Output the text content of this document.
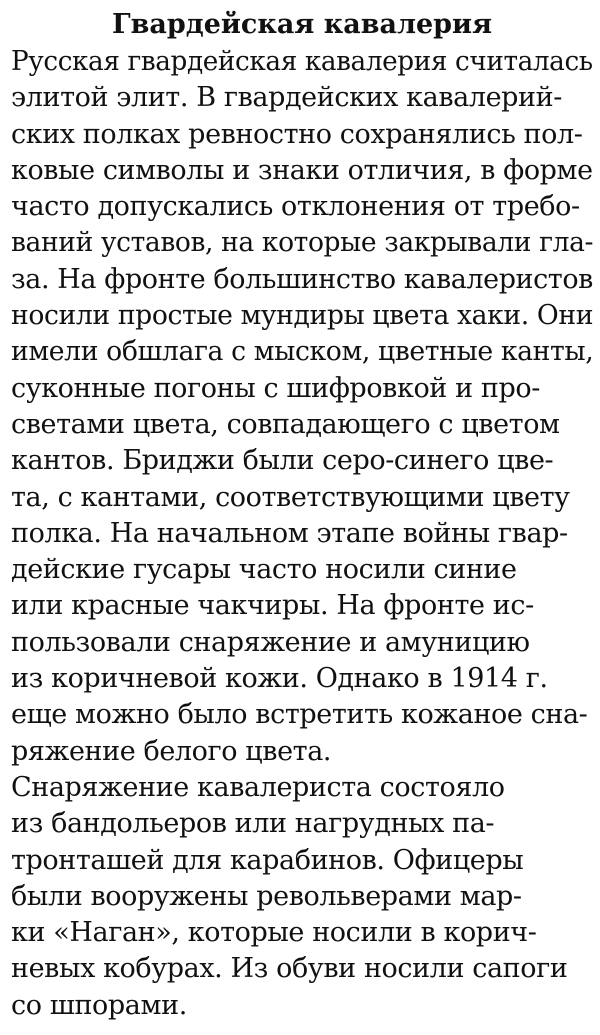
Гвардейская кавалерия
Русская гвардейская кавалерия считалась
элитой элит. В гвардейских кавалерий-
ских полках ревностно сохранялись пол-
ковые символы и знаки отличия, в форме
часто допускались отклонения от требо-
ваний уставов, на которые закрывали гла-
за. На фронте большинство кавалеристов
носили простые мундиры цвета хаки. Они
имели обшлага с мыском, цветные канты,
суконные погоны с шифровкой и про-
светами цвета, совпадающего с цветом
кантов. Бриджи были серо-синего цве-
та, с кантами, соответствующими цвету
полка. На начальном этапе войны гвар-
дейские гусары часто носили синие
или красные чакчиры. На фронте ис-
пользовали снаряжение и амуницию
из коричневой кожи. Однако в 1914 г.
еще можно было встретить кожаное сна-
ряжение белого цвета.
Снаряжение кавалериста состояло
из бандольеров или нагрудных па-
тронташей для карабинов. Офицеры
были вооружены револьверами мар-
ки «Наган», которые носили в корич-
невых кобурах. Из обуви носили сапоги
со шпорами.
